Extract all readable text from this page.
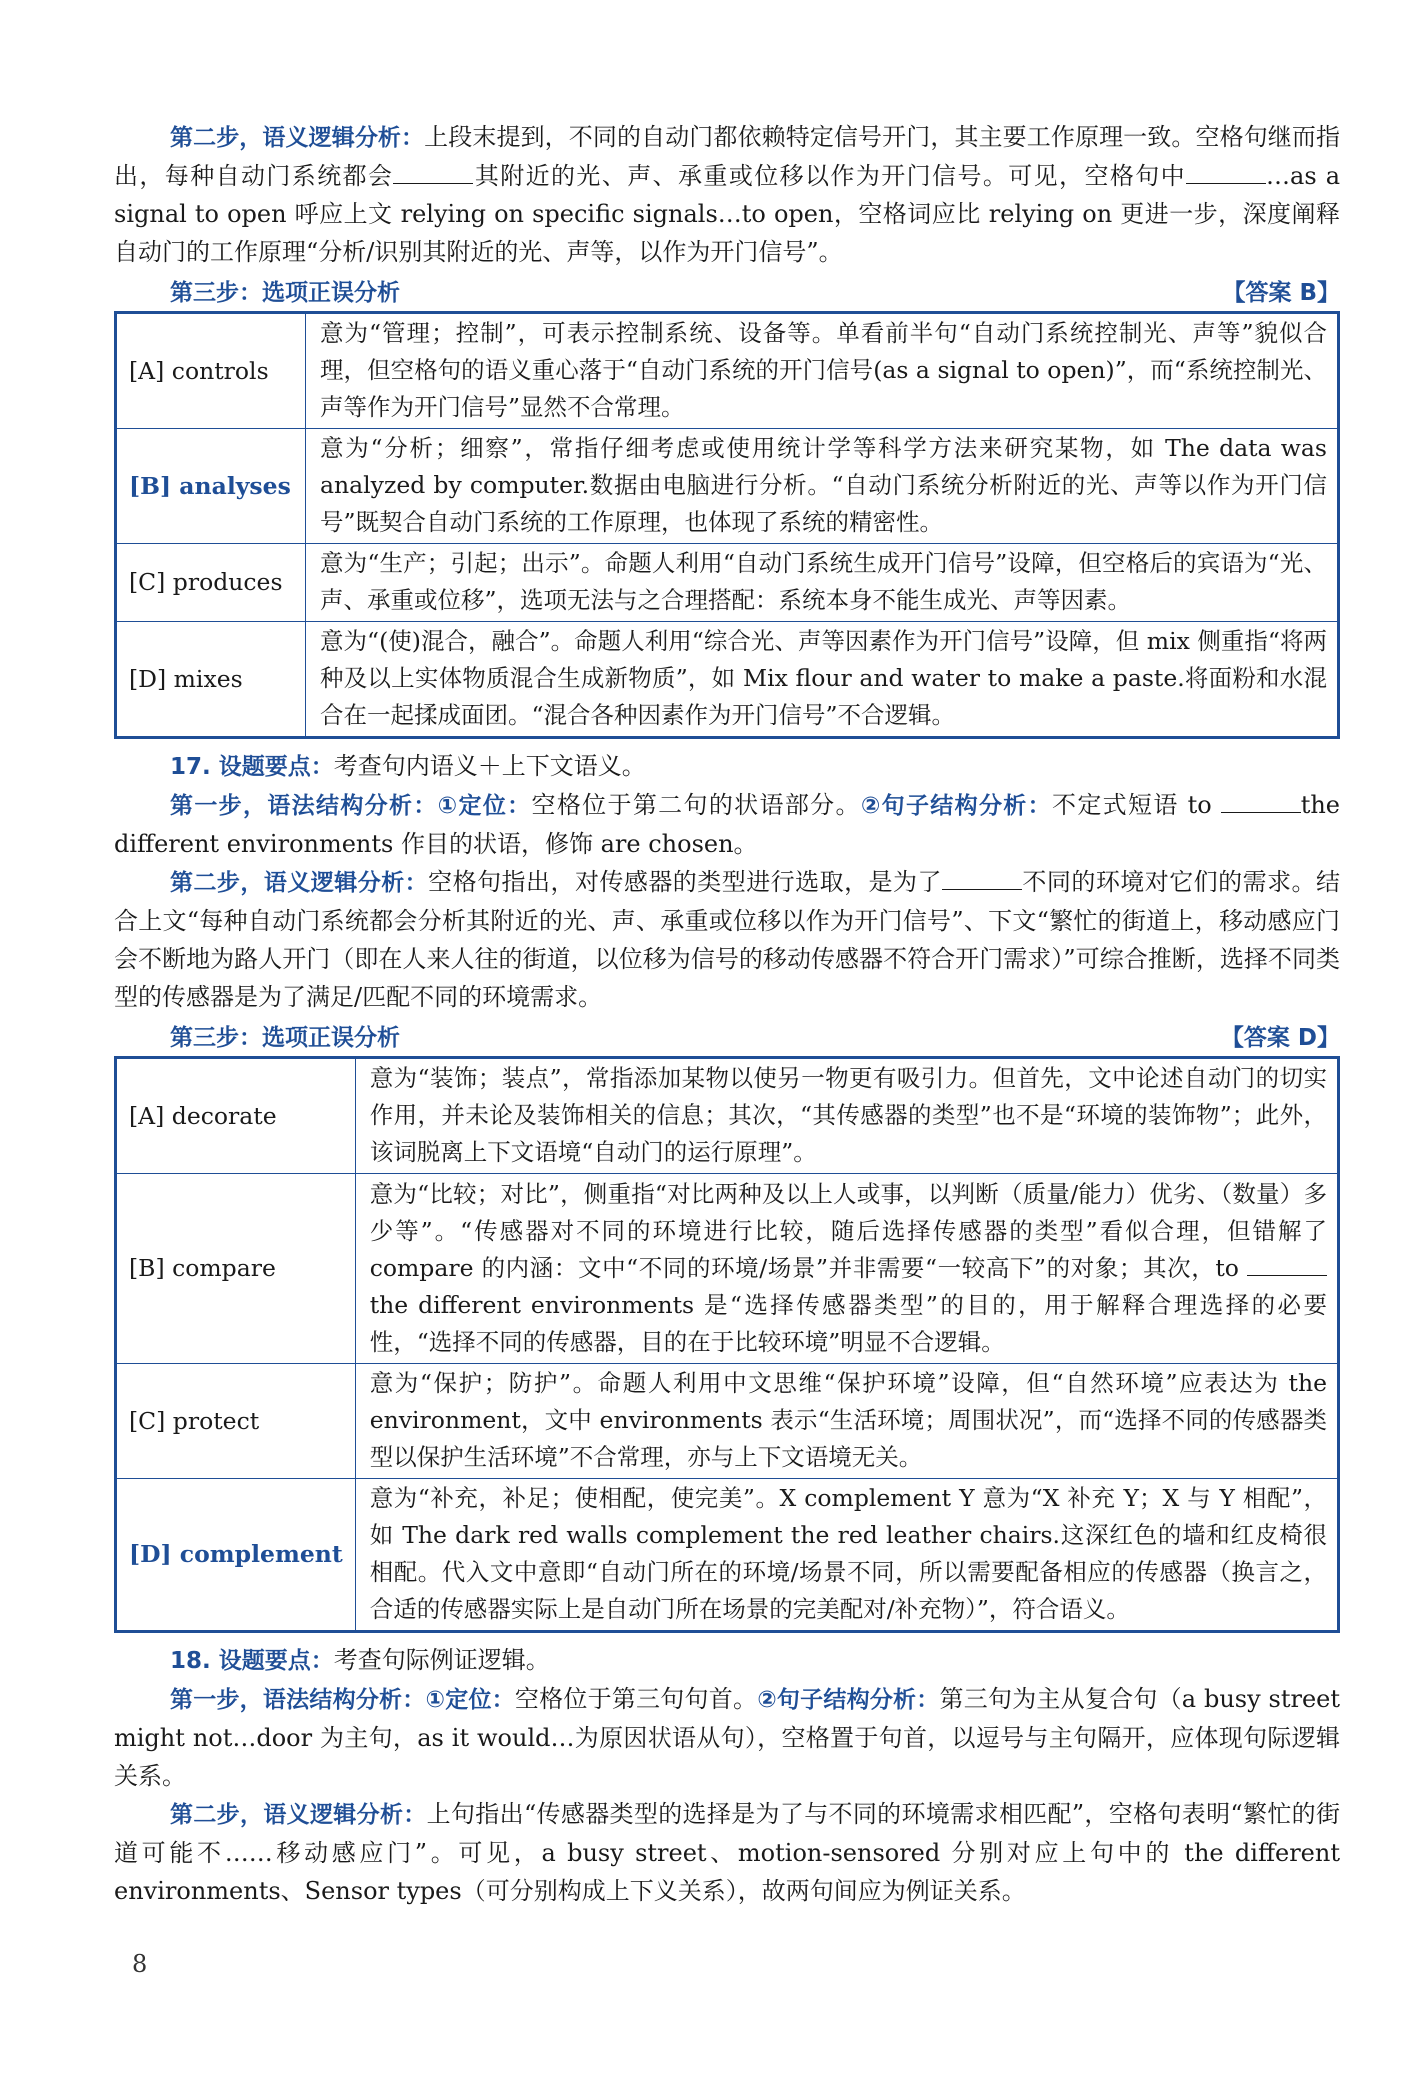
第二步，语义逻辑分析：上段末提到，不同的自动门都依赖特定信号开门，其主要工作原理一致。空格句继而指出，每种自动门系统都会	其附近的光、声、承重或位移以作为开门信号。可见，空格句中	…as a signal to open 呼应上文 relying on specific signals…to open，空格词应比 relying on 更进一步，深度阐释自动门的工作原理“分析/识别其附近的光、声等，以作为开门信号”。

第三步：选项正误分析	【答案 B】
[A] controls	意为“管理；控制”，可表示控制系统、设备等。单看前半句“自动门系统控制光、声等”貌似合理，但空格句的语义重心落于“自动门系统的开门信号(as a signal to open)”，而“系统控制光、声等作为开门信号”显然不合常理。
[B] analyses	意为“分析；细察”，常指仔细考虑或使用统计学等科学方法来研究某物，如 The data was analyzed by computer.数据由电脑进行分析。“自动门系统分析附近的光、声等以作为开门信号”既契合自动门系统的工作原理，也体现了系统的精密性。
[C] produces	意为“生产；引起；出示”。命题人利用“自动门系统生成开门信号”设障，但空格后的宾语为“光、声、承重或位移”，选项无法与之合理搭配：系统本身不能生成光、声等因素。
[D] mixes	意为“(使)混合，融合”。命题人利用“综合光、声等因素作为开门信号”设障，但 mix 侧重指“将两种及以上实体物质混合生成新物质”，如 Mix flour and water to make a paste.将面粉和水混合在一起揉成面团。“混合各种因素作为开门信号”不合逻辑。

17. 设题要点：考查句内语义＋上下文语义。

第一步，语法结构分析：①定位：空格位于第二句的状语部分。②句子结构分析：不定式短语 to	the different environments 作目的状语，修饰 are chosen。

第二步，语义逻辑分析：空格句指出，对传感器的类型进行选取，是为了	不同的环境对它们的需求。结合上文“每种自动门系统都会分析其附近的光、声、承重或位移以作为开门信号”、下文“繁忙的街道上，移动感应门会不断地为路人开门（即在人来人往的街道，以位移为信号的移动传感器不符合开门需求）”可综合推断，选择不同类型的传感器是为了满足/匹配不同的环境需求。

第三步：选项正误分析	【答案 D】
[A] decorate	意为“装饰；装点”，常指添加某物以使另一物更有吸引力。但首先，文中论述自动门的切实作用，并未论及装饰相关的信息；其次，“其传感器的类型”也不是“环境的装饰物”；此外，该词脱离上下文语境“自动门的运行原理”。
[B] compare	意为“比较；对比”，侧重指“对比两种及以上人或事，以判断（质量/能力）优劣、（数量）多少等”。“传感器对不同的环境进行比较，随后选择传感器的类型”看似合理，但错解了 compare 的内涵：文中“不同的环境/场景”并非需要“一较高下”的对象；其次，to  the different environments 是“选择传感器类型”的目的，用于解释合理选择的必要性，“选择不同的传感器，目的在于比较环境”明显不合逻辑。
[C] protect	意为“保护；防护”。命题人利用中文思维“保护环境”设障，但“自然环境”应表达为 the environment，文中 environments 表示“生活环境；周围状况”，而“选择不同的传感器类型以保护生活环境”不合常理，亦与上下文语境无关。
[D] complement	意为“补充，补足；使相配，使完美”。X complement Y 意为“X 补充 Y；X 与 Y 相配”，如 The dark red walls complement the red leather chairs.这深红色的墙和红皮椅很相配。代入文中意即“自动门所在的环境/场景不同，所以需要配备相应的传感器（换言之，合适的传感器实际上是自动门所在场景的完美配对/补充物）”，符合语义。

18. 设题要点：考查句际例证逻辑。

第一步，语法结构分析：①定位：空格位于第三句句首。②句子结构分析：第三句为主从复合句（a busy street might not…door 为主句，as it would…为原因状语从句），空格置于句首，以逗号与主句隔开，应体现句际逻辑关系。

第二步，语义逻辑分析：上句指出“传感器类型的选择是为了与不同的环境需求相匹配”，空格句表明“繁忙的街道可能不……移动感应门”。可见，a busy street、motion-sensored 分别对应上句中的 the different environments、Sensor types（可分别构成上下义关系），故两句间应为例证关系。

8
